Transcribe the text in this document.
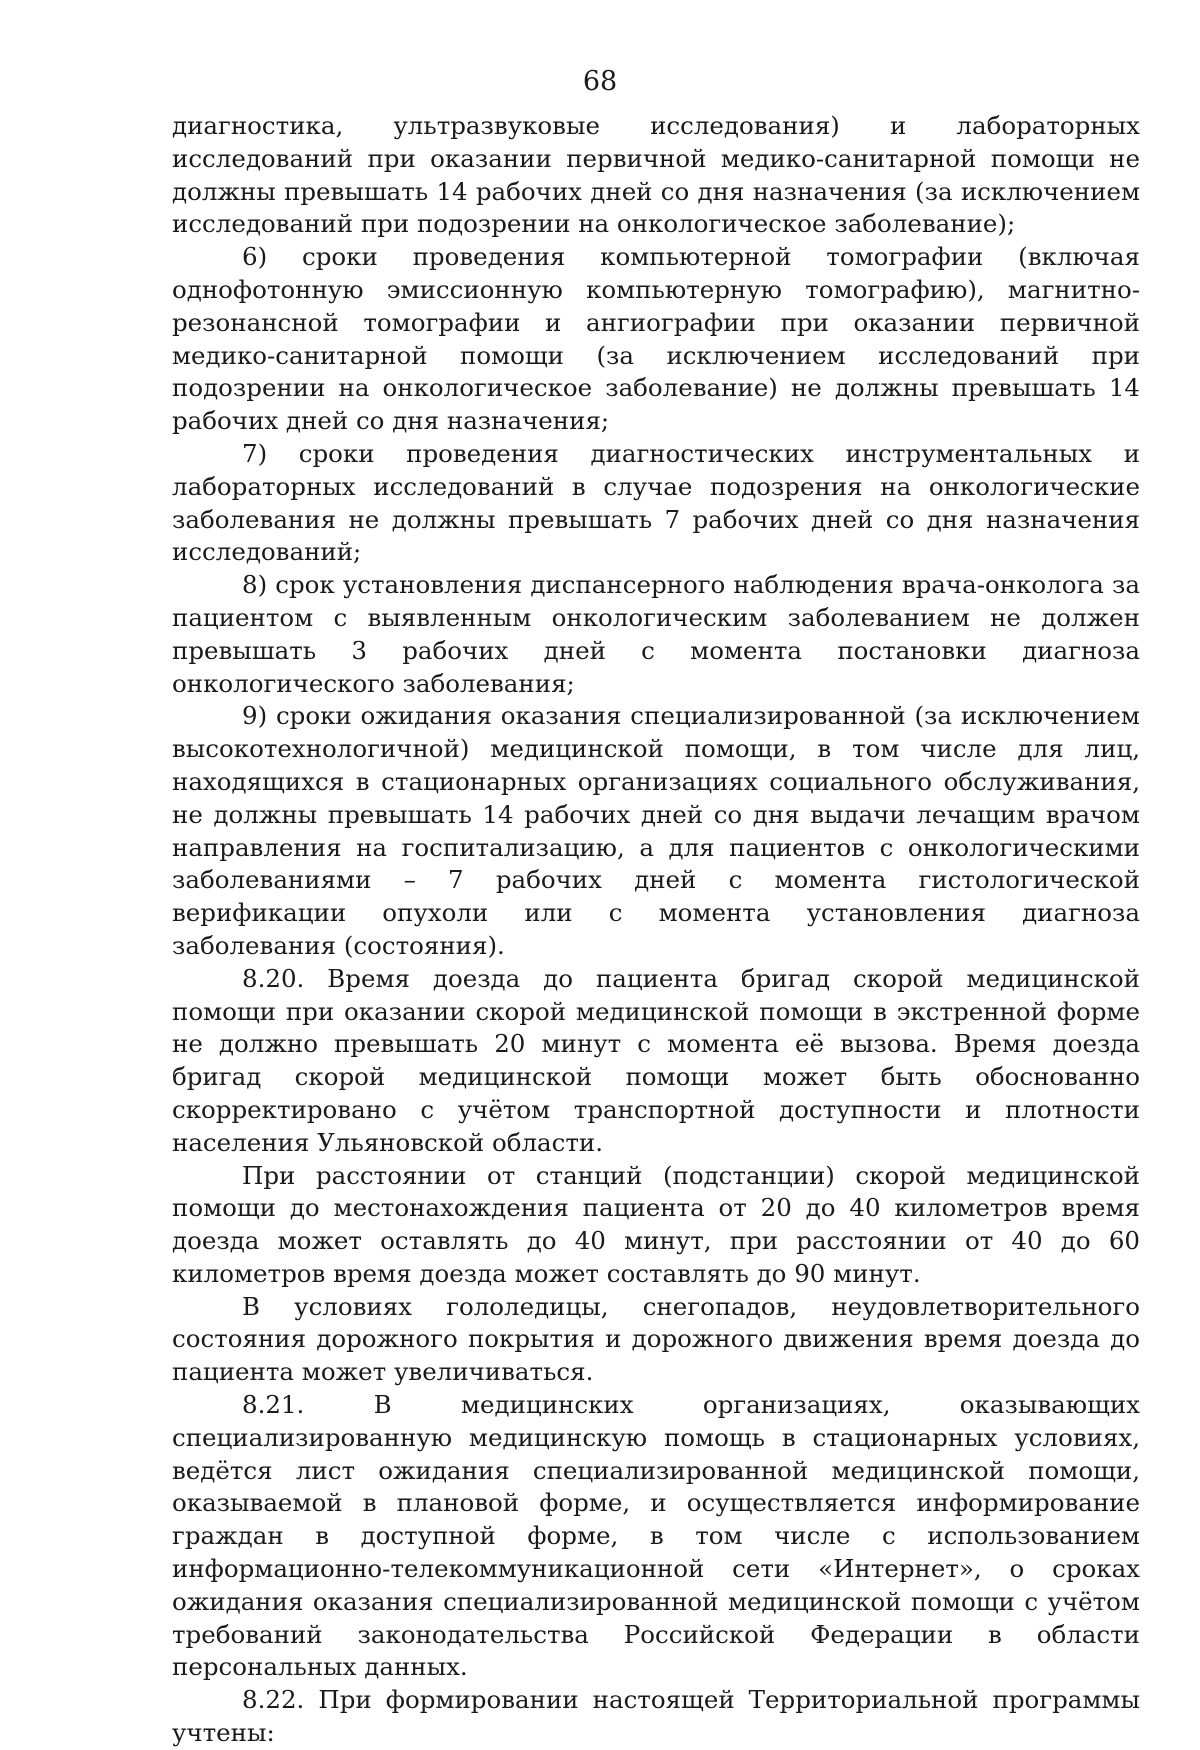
68

диагностика, ультразвуковые исследования) и лабораторных исследований при оказании первичной медико-санитарной помощи не должны превышать 14 рабочих дней со дня назначения (за исключением исследований при подозрении на онкологическое заболевание);

6) сроки проведения компьютерной томографии (включая однофотонную эмиссионную компьютерную томографию), магнитно-резонансной томографии и ангиографии при оказании первичной медико-санитарной помощи (за исключением исследований при подозрении на онкологическое заболевание) не должны превышать 14 рабочих дней со дня назначения;

7) сроки проведения диагностических инструментальных и лабораторных исследований в случае подозрения на онкологические заболевания не должны превышать 7 рабочих дней со дня назначения исследований;

8) срок установления диспансерного наблюдения врача-онколога за пациентом с выявленным онкологическим заболеванием не должен превышать 3 рабочих дней с момента постановки диагноза онкологического заболевания;

9) сроки ожидания оказания специализированной (за исключением высокотехнологичной) медицинской помощи, в том числе для лиц, находящихся в стационарных организациях социального обслуживания, не должны превышать 14 рабочих дней со дня выдачи лечащим врачом направления на госпитализацию, а для пациентов с онкологическими заболеваниями – 7 рабочих дней с момента гистологической верификации опухоли или с момента установления диагноза заболевания (состояния).

8.20. Время доезда до пациента бригад скорой медицинской помощи при оказании скорой медицинской помощи в экстренной форме не должно превышать 20 минут с момента её вызова. Время доезда бригад скорой медицинской помощи может быть обоснованно скорректировано с учётом транспортной доступности и плотности населения Ульяновской области.

При расстоянии от станций (подстанции) скорой медицинской помощи до местонахождения пациента от 20 до 40 километров время доезда может оставлять до 40 минут, при расстоянии от 40 до 60 километров время доезда может составлять до 90 минут.

В условиях гололедицы, снегопадов, неудовлетворительного состояния дорожного покрытия и дорожного движения время доезда до пациента может увеличиваться.

8.21. В медицинских организациях, оказывающих специализированную медицинскую помощь в стационарных условиях, ведётся лист ожидания специализированной медицинской помощи, оказываемой в плановой форме, и осуществляется информирование граждан в доступной форме, в том числе с использованием информационно-телекоммуникационной сети «Интернет», о сроках ожидания оказания специализированной медицинской помощи с учётом требований законодательства Российской Федерации в области персональных данных.

8.22. При формировании настоящей Территориальной программы учтены:
